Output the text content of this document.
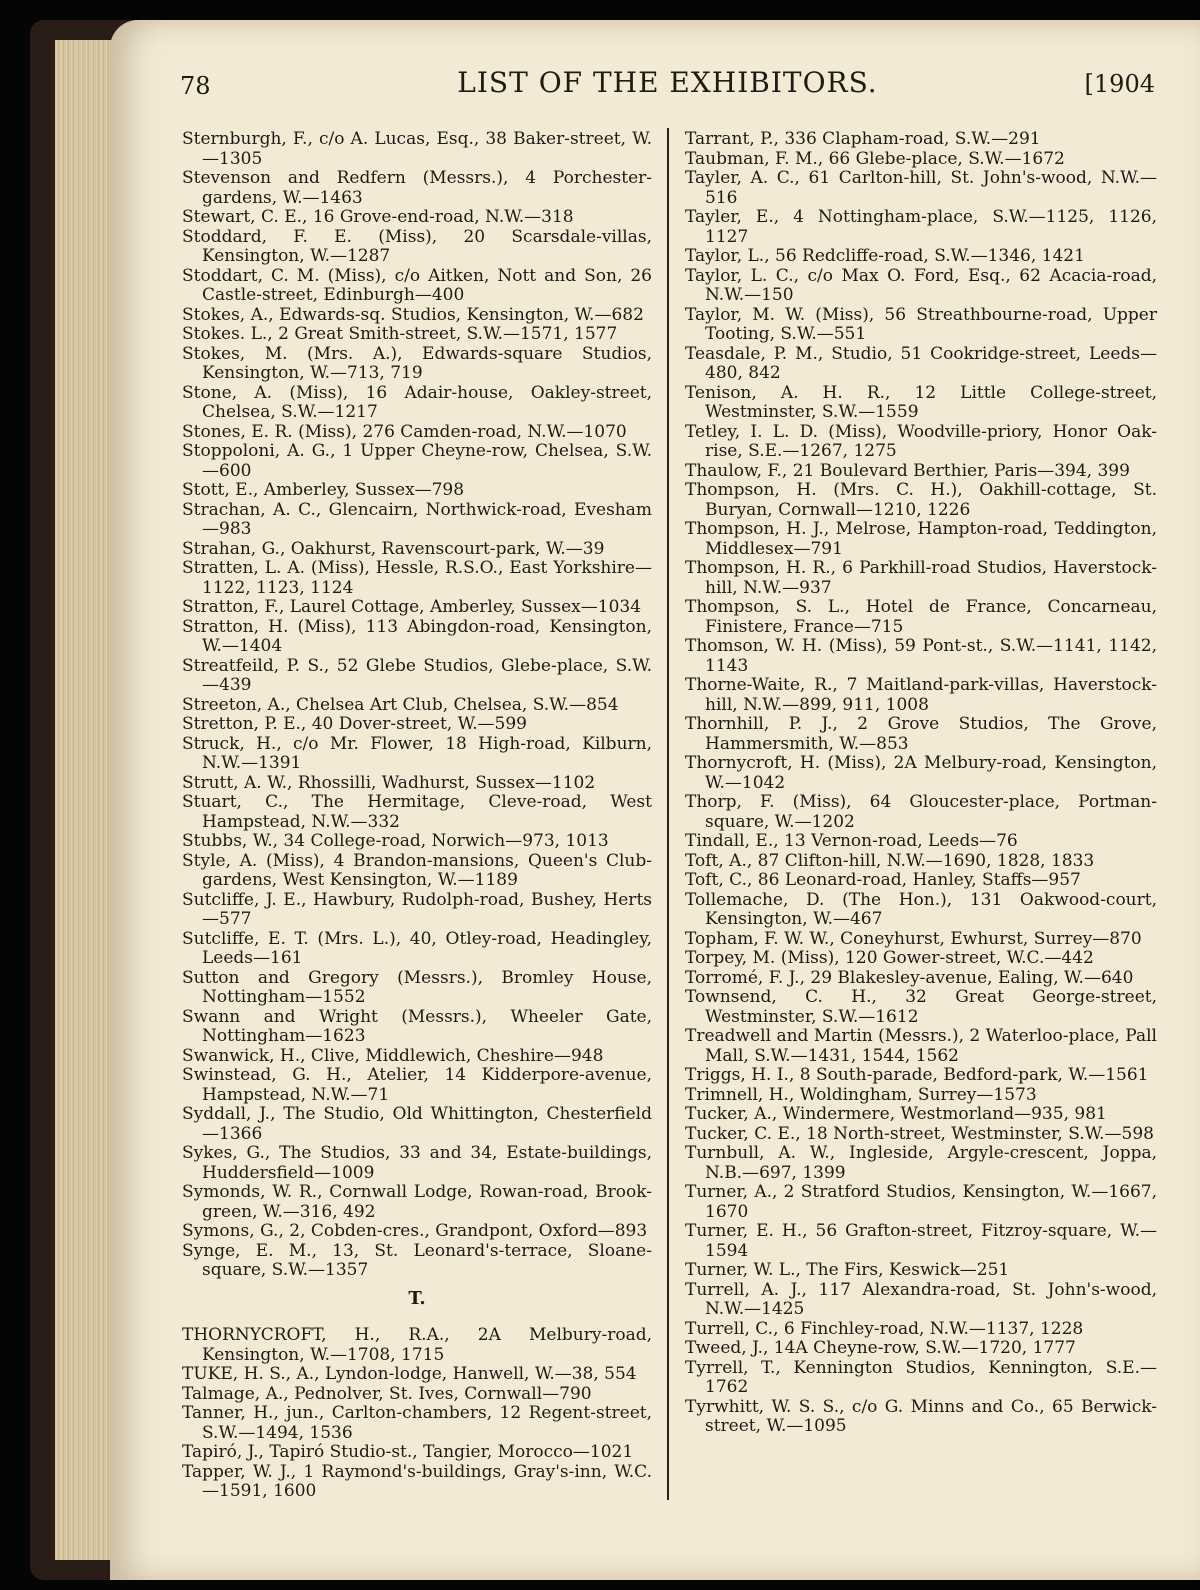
78	LIST OF THE EXHIBITORS.	[1904

Sternburgh, F., c/o A. Lucas, Esq., 38 Baker-street, W.—1305

Stevenson and Redfern (Messrs.), 4 Porchester-gardens, W.—1463

Stewart, C. E., 16 Grove-end-road, N.W.—318

Stoddard, F. E. (Miss), 20 Scarsdale-villas, Kensington, W.—1287

Stoddart, C. M. (Miss), c/o Aitken, Nott and Son, 26 Castle-street, Edinburgh—400

Stokes, A., Edwards-sq. Studios, Kensington, W.—682

Stokes. L., 2 Great Smith-street, S.W.—1571, 1577

Stokes, M. (Mrs. A.), Edwards-square Studios, Kensington, W.—713, 719

Stone, A. (Miss), 16 Adair-house, Oakley-street, Chelsea, S.W.—1217

Stones, E. R. (Miss), 276 Camden-road, N.W.—1070

Stoppoloni, A. G., 1 Upper Cheyne-row, Chelsea, S.W.—600

Stott, E., Amberley, Sussex—798

Strachan, A. C., Glencairn, Northwick-road, Evesham—983

Strahan, G., Oakhurst, Ravenscourt-park, W.—39

Stratten, L. A. (Miss), Hessle, R.S.O., East Yorkshire—1122, 1123, 1124

Stratton, F., Laurel Cottage, Amberley, Sussex—1034

Stratton, H. (Miss), 113 Abingdon-road, Kensington, W.—1404

Streatfeild, P. S., 52 Glebe Studios, Glebe-place, S.W.—439

Streeton, A., Chelsea Art Club, Chelsea, S.W.—854

Stretton, P. E., 40 Dover-street, W.—599

Struck, H., c/o Mr. Flower, 18 High-road, Kilburn, N.W.—1391

Strutt, A. W., Rhossilli, Wadhurst, Sussex—1102

Stuart, C., The Hermitage, Cleve-road, West Hampstead, N.W.—332

Stubbs, W., 34 College-road, Norwich—973, 1013

Style, A. (Miss), 4 Brandon-mansions, Queen's Club-gardens, West Kensington, W.—1189

Sutcliffe, J. E., Hawbury, Rudolph-road, Bushey, Herts—577

Sutcliffe, E. T. (Mrs. L.), 40, Otley-road, Headingley, Leeds—161

Sutton and Gregory (Messrs.), Bromley House, Nottingham—1552

Swann and Wright (Messrs.), Wheeler Gate, Nottingham—1623

Swanwick, H., Clive, Middlewich, Cheshire—948

Swinstead, G. H., Atelier, 14 Kidderpore-avenue, Hampstead, N.W.—71

Syddall, J., The Studio, Old Whittington, Chesterfield—1366

Sykes, G., The Studios, 33 and 34, Estate-buildings, Huddersfield—1009

Symonds, W. R., Cornwall Lodge, Rowan-road, Brook-green, W.—316, 492

Symons, G., 2, Cobden-cres., Grandpont, Oxford—893

Synge, E. M., 13, St. Leonard's-terrace, Sloane-square, S.W.—1357

T.

THORNYCROFT, H., R.A., 2A Melbury-road, Kensington, W.—1708, 1715

TUKE, H. S., A., Lyndon-lodge, Hanwell, W.—38, 554

Talmage, A., Pednolver, St. Ives, Cornwall—790

Tanner, H., jun., Carlton-chambers, 12 Regent-street, S.W.—1494, 1536

Tapiró, J., Tapiró Studio-st., Tangier, Morocco—1021

Tapper, W. J., 1 Raymond's-buildings, Gray's-inn, W.C.—1591, 1600

Tarrant, P., 336 Clapham-road, S.W.—291

Taubman, F. M., 66 Glebe-place, S.W.—1672

Tayler, A. C., 61 Carlton-hill, St. John's-wood, N.W.—516

Tayler, E., 4 Nottingham-place, S.W.—1125, 1126, 1127

Taylor, L., 56 Redcliffe-road, S.W.—1346, 1421

Taylor, L. C., c/o Max O. Ford, Esq., 62 Acacia-road, N.W.—150

Taylor, M. W. (Miss), 56 Streathbourne-road, Upper Tooting, S.W.—551

Teasdale, P. M., Studio, 51 Cookridge-street, Leeds—480, 842

Tenison, A. H. R., 12 Little College-street, Westminster, S.W.—1559

Tetley, I. L. D. (Miss), Woodville-priory, Honor Oak-rise, S.E.—1267, 1275

Thaulow, F., 21 Boulevard Berthier, Paris—394, 399

Thompson, H. (Mrs. C. H.), Oakhill-cottage, St. Buryan, Cornwall—1210, 1226

Thompson, H. J., Melrose, Hampton-road, Teddington, Middlesex—791

Thompson, H. R., 6 Parkhill-road Studios, Haverstock-hill, N.W.—937

Thompson, S. L., Hotel de France, Concarneau, Finistere, France—715

Thomson, W. H. (Miss), 59 Pont-st., S.W.—1141, 1142, 1143

Thorne-Waite, R., 7 Maitland-park-villas, Haverstock-hill, N.W.—899, 911, 1008

Thornhill, P. J., 2 Grove Studios, The Grove, Hammersmith, W.—853

Thornycroft, H. (Miss), 2A Melbury-road, Kensington, W.—1042

Thorp, F. (Miss), 64 Gloucester-place, Portman-square, W.—1202

Tindall, E., 13 Vernon-road, Leeds—76

Toft, A., 87 Clifton-hill, N.W.—1690, 1828, 1833

Toft, C., 86 Leonard-road, Hanley, Staffs—957

Tollemache, D. (The Hon.), 131 Oakwood-court, Kensington, W.—467

Topham, F. W. W., Coneyhurst, Ewhurst, Surrey—870

Torpey, M. (Miss), 120 Gower-street, W.C.—442

Torromé, F. J., 29 Blakesley-avenue, Ealing, W.—640

Townsend, C. H., 32 Great George-street, Westminster, S.W.—1612

Treadwell and Martin (Messrs.), 2 Waterloo-place, Pall Mall, S.W.—1431, 1544, 1562

Triggs, H. I., 8 South-parade, Bedford-park, W.—1561

Trimnell, H., Woldingham, Surrey—1573

Tucker, A., Windermere, Westmorland—935, 981

Tucker, C. E., 18 North-street, Westminster, S.W.—598

Turnbull, A. W., Ingleside, Argyle-crescent, Joppa, N.B.—697, 1399

Turner, A., 2 Stratford Studios, Kensington, W.—1667, 1670

Turner, E. H., 56 Grafton-street, Fitzroy-square, W.—1594

Turner, W. L., The Firs, Keswick—251

Turrell, A. J., 117 Alexandra-road, St. John's-wood, N.W.—1425

Turrell, C., 6 Finchley-road, N.W.—1137, 1228

Tweed, J., 14A Cheyne-row, S.W.—1720, 1777

Tyrrell, T., Kennington Studios, Kennington, S.E.—1762

Tyrwhitt, W. S. S., c/o G. Minns and Co., 65 Berwick-street, W.—1095
